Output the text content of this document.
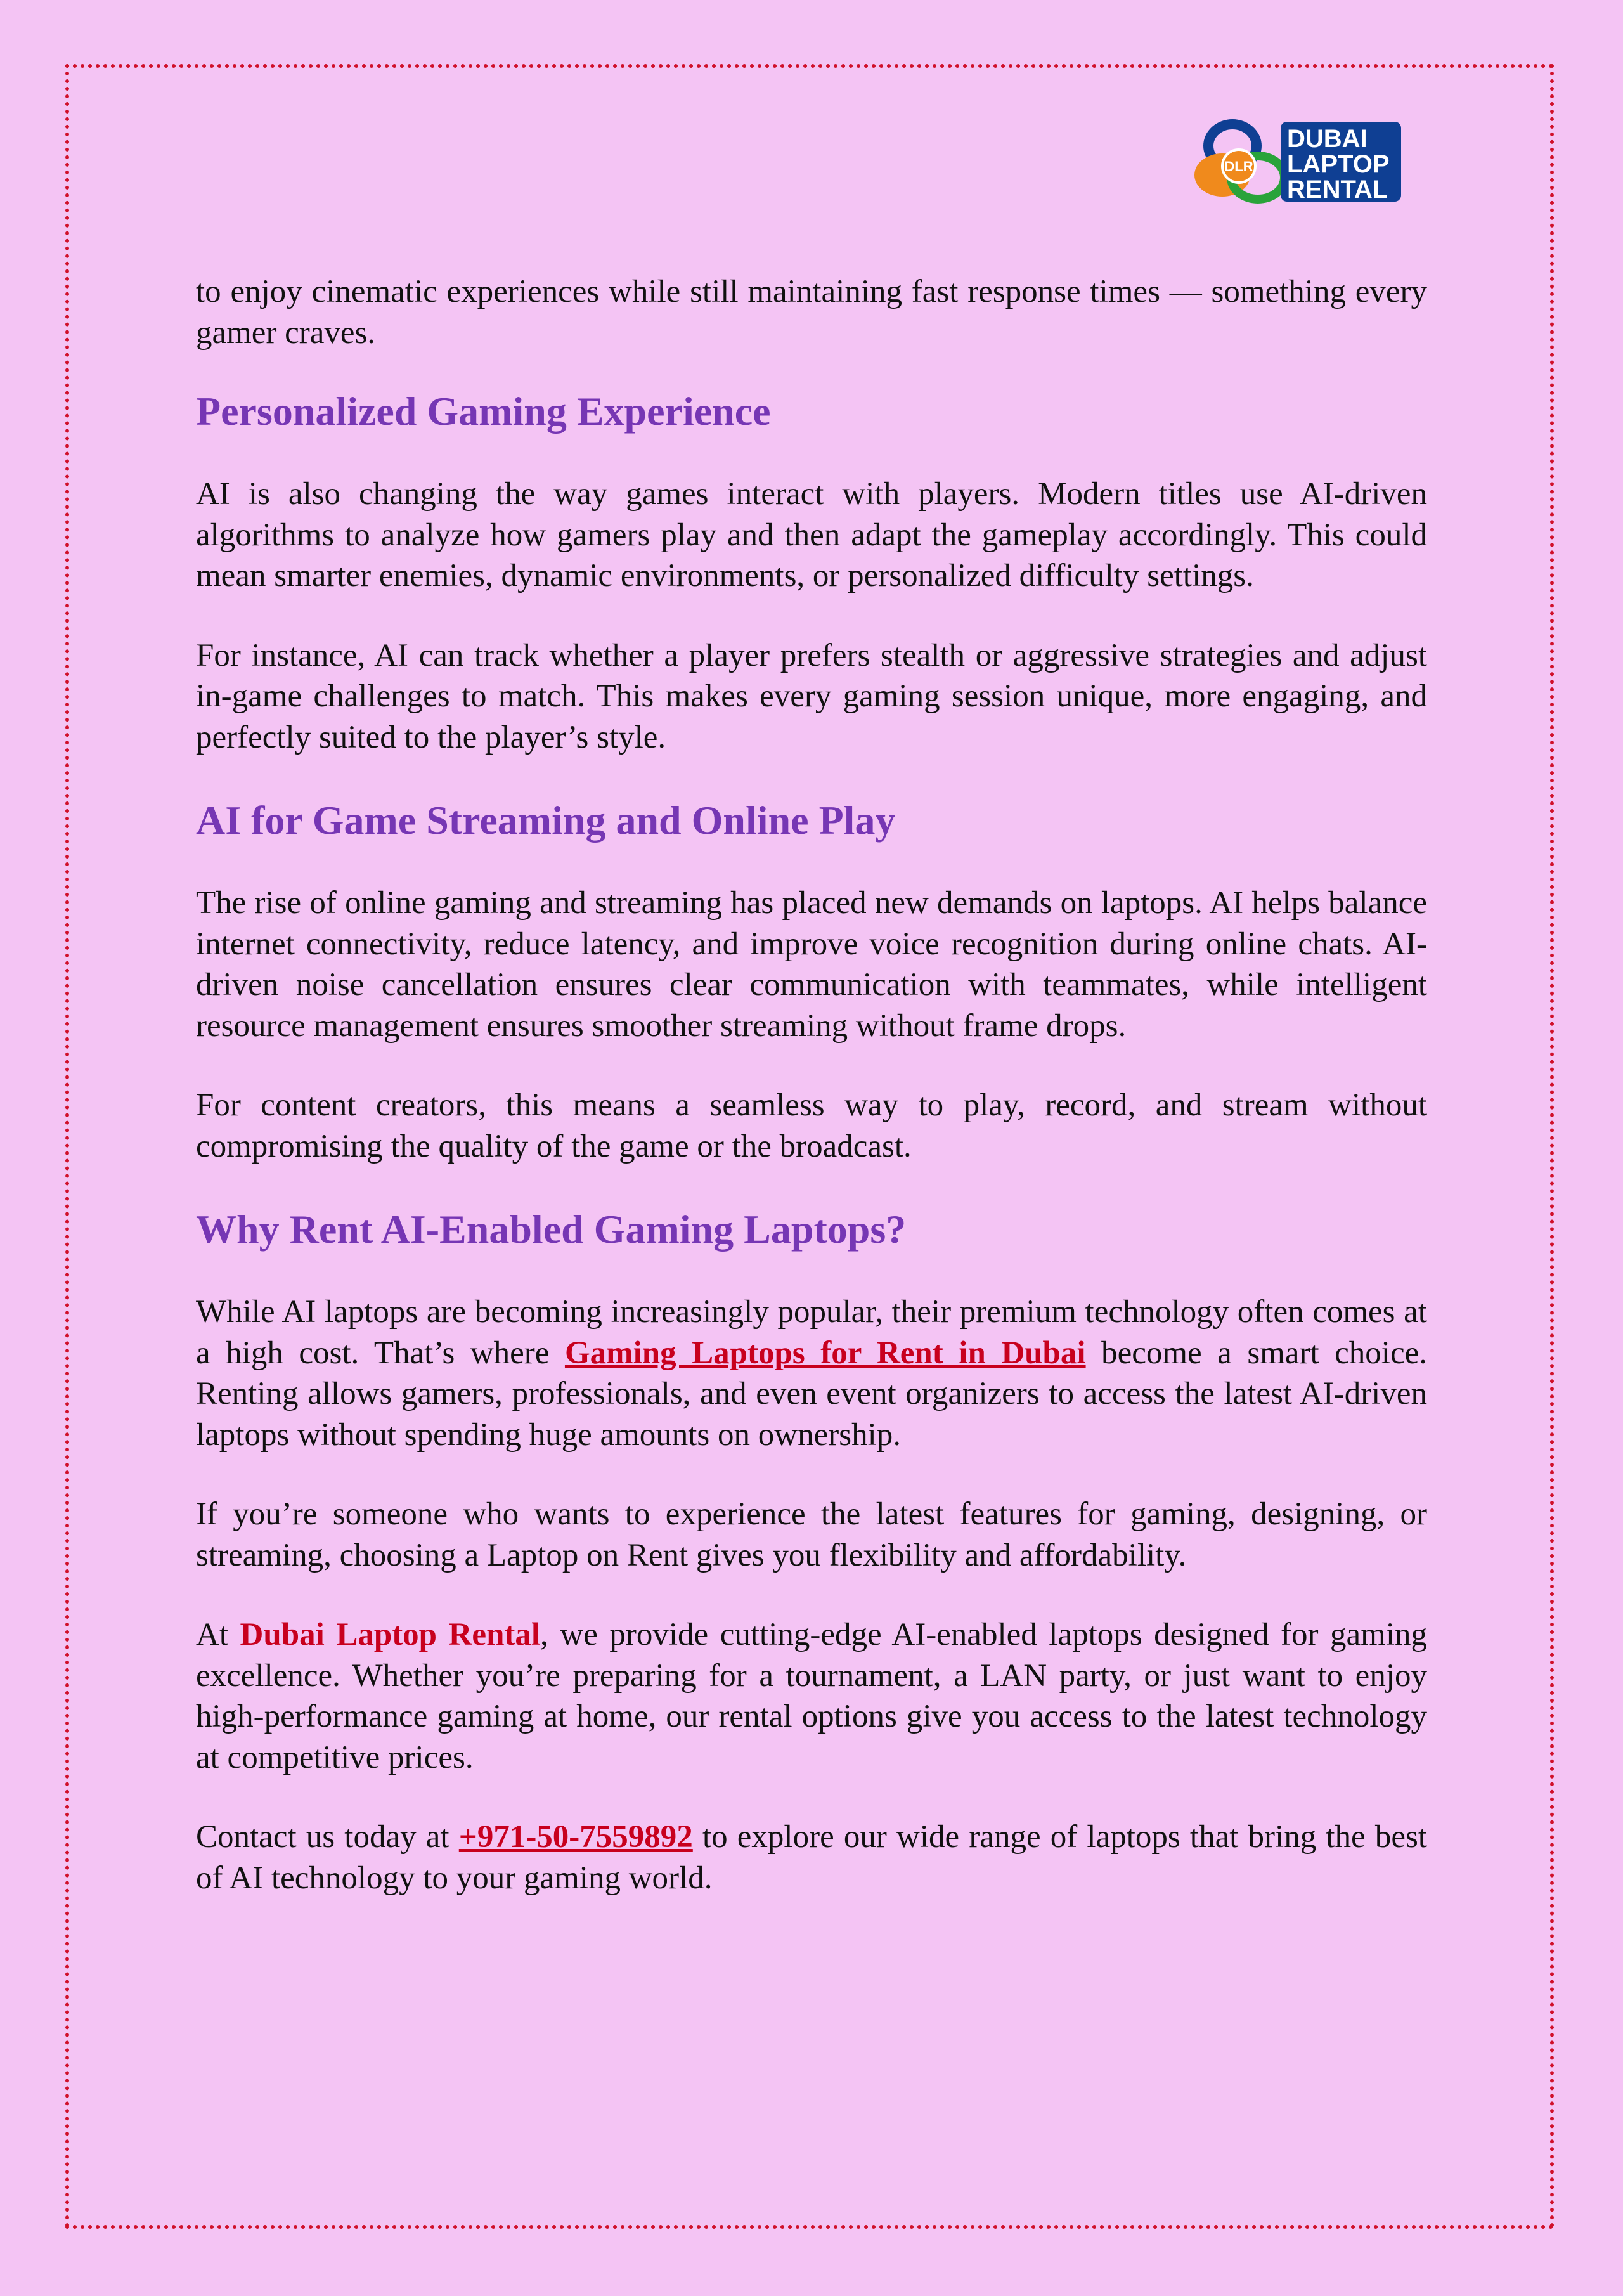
DLR
DUBAI
LAPTOP
RENTAL

to enjoy cinematic experiences while still maintaining fast response times — something every gamer craves.

Personalized Gaming Experience

AI is also changing the way games interact with players. Modern titles use AI-driven algorithms to analyze how gamers play and then adapt the gameplay accordingly. This could mean smarter enemies, dynamic environments, or personalized difficulty settings.

For instance, AI can track whether a player prefers stealth or aggressive strategies and adjust in-game challenges to match. This makes every gaming session unique, more engaging, and perfectly suited to the player’s style.

AI for Game Streaming and Online Play

The rise of online gaming and streaming has placed new demands on laptops. AI helps balance internet connectivity, reduce latency, and improve voice recognition during online chats. AI-driven noise cancellation ensures clear communication with teammates, while intelligent resource management ensures smoother streaming without frame drops.

For content creators, this means a seamless way to play, record, and stream without compromising the quality of the game or the broadcast.

Why Rent AI-Enabled Gaming Laptops?

While AI laptops are becoming increasingly popular, their premium technology often comes at a high cost. That’s where Gaming Laptops for Rent in Dubai become a smart choice. Renting allows gamers, professionals, and even event organizers to access the latest AI-driven laptops without spending huge amounts on ownership.

If you’re someone who wants to experience the latest features for gaming, designing, or streaming, choosing a Laptop on Rent gives you flexibility and affordability.

At Dubai Laptop Rental, we provide cutting-edge AI-enabled laptops designed for gaming excellence. Whether you’re preparing for a tournament, a LAN party, or just want to enjoy high-performance gaming at home, our rental options give you access to the latest technology at competitive prices.

Contact us today at +971-50-7559892 to explore our wide range of laptops that bring the best of AI technology to your gaming world.
